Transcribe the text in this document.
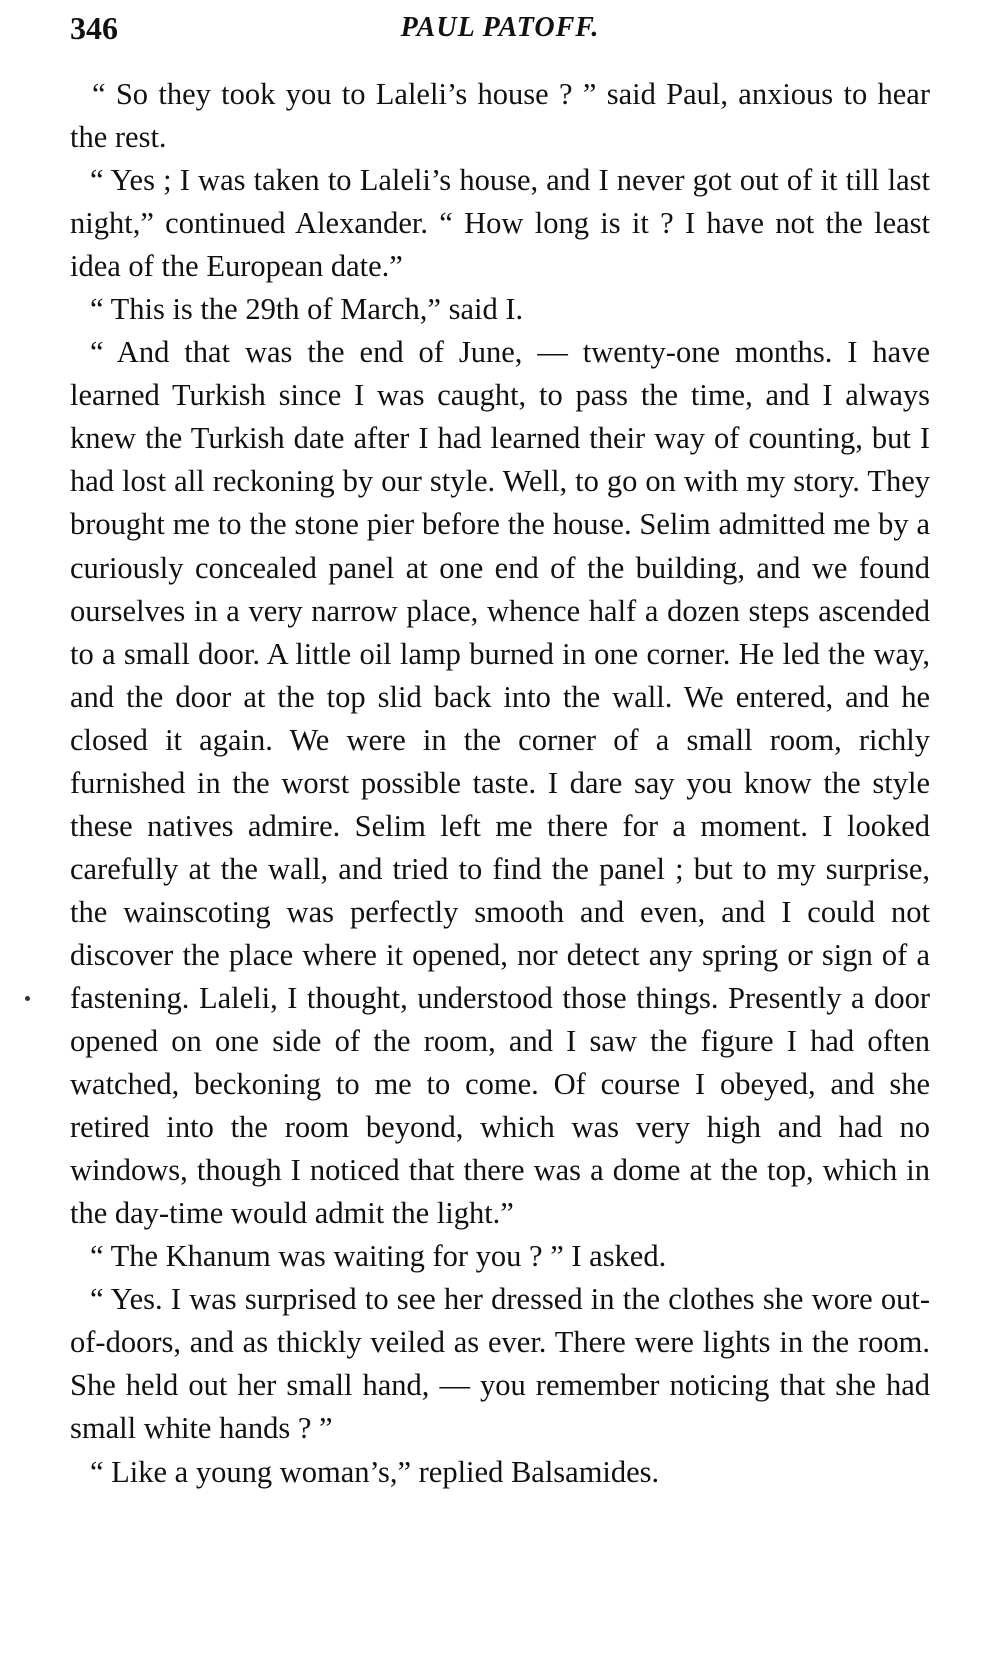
346	PAUL PATOFF.

“ So they took you to Laleli’s house ? ” said Paul, anxious to hear the rest.

“ Yes ; I was taken to Laleli’s house, and I never got out of it till last night,” continued Alexander. “ How long is it ? I have not the least idea of the European date.”

“ This is the 29th of March,” said I.

“ And that was the end of June, — twenty-one months. I have learned Turkish since I was caught, to pass the time, and I always knew the Turkish date after I had learned their way of counting, but I had lost all reckoning by our style. Well, to go on with my story. They brought me to the stone pier before the house. Selim admitted me by a curiously concealed panel at one end of the building, and we found ourselves in a very narrow place, whence half a dozen steps ascended to a small door. A little oil lamp burned in one corner. He led the way, and the door at the top slid back into the wall. We entered, and he closed it again. We were in the corner of a small room, richly furnished in the worst possible taste. I dare say you know the style these natives admire. Selim left me there for a moment. I looked carefully at the wall, and tried to find the panel ; but to my surprise, the wainscoting was perfectly smooth and even, and I could not discover the place where it opened, nor detect any spring or sign of a fastening. Laleli, I thought, understood those things. Presently a door opened on one side of the room, and I saw the figure I had often watched, beckoning to me to come. Of course I obeyed, and she retired into the room beyond, which was very high and had no windows, though I noticed that there was a dome at the top, which in the day-time would admit the light.”

“ The Khanum was waiting for you ? ” I asked.

“ Yes. I was surprised to see her dressed in the clothes she wore out-of-doors, and as thickly veiled as ever. There were lights in the room. She held out her small hand, — you remember noticing that she had small white hands ? ”

“ Like a young woman’s,” replied Balsamides.
